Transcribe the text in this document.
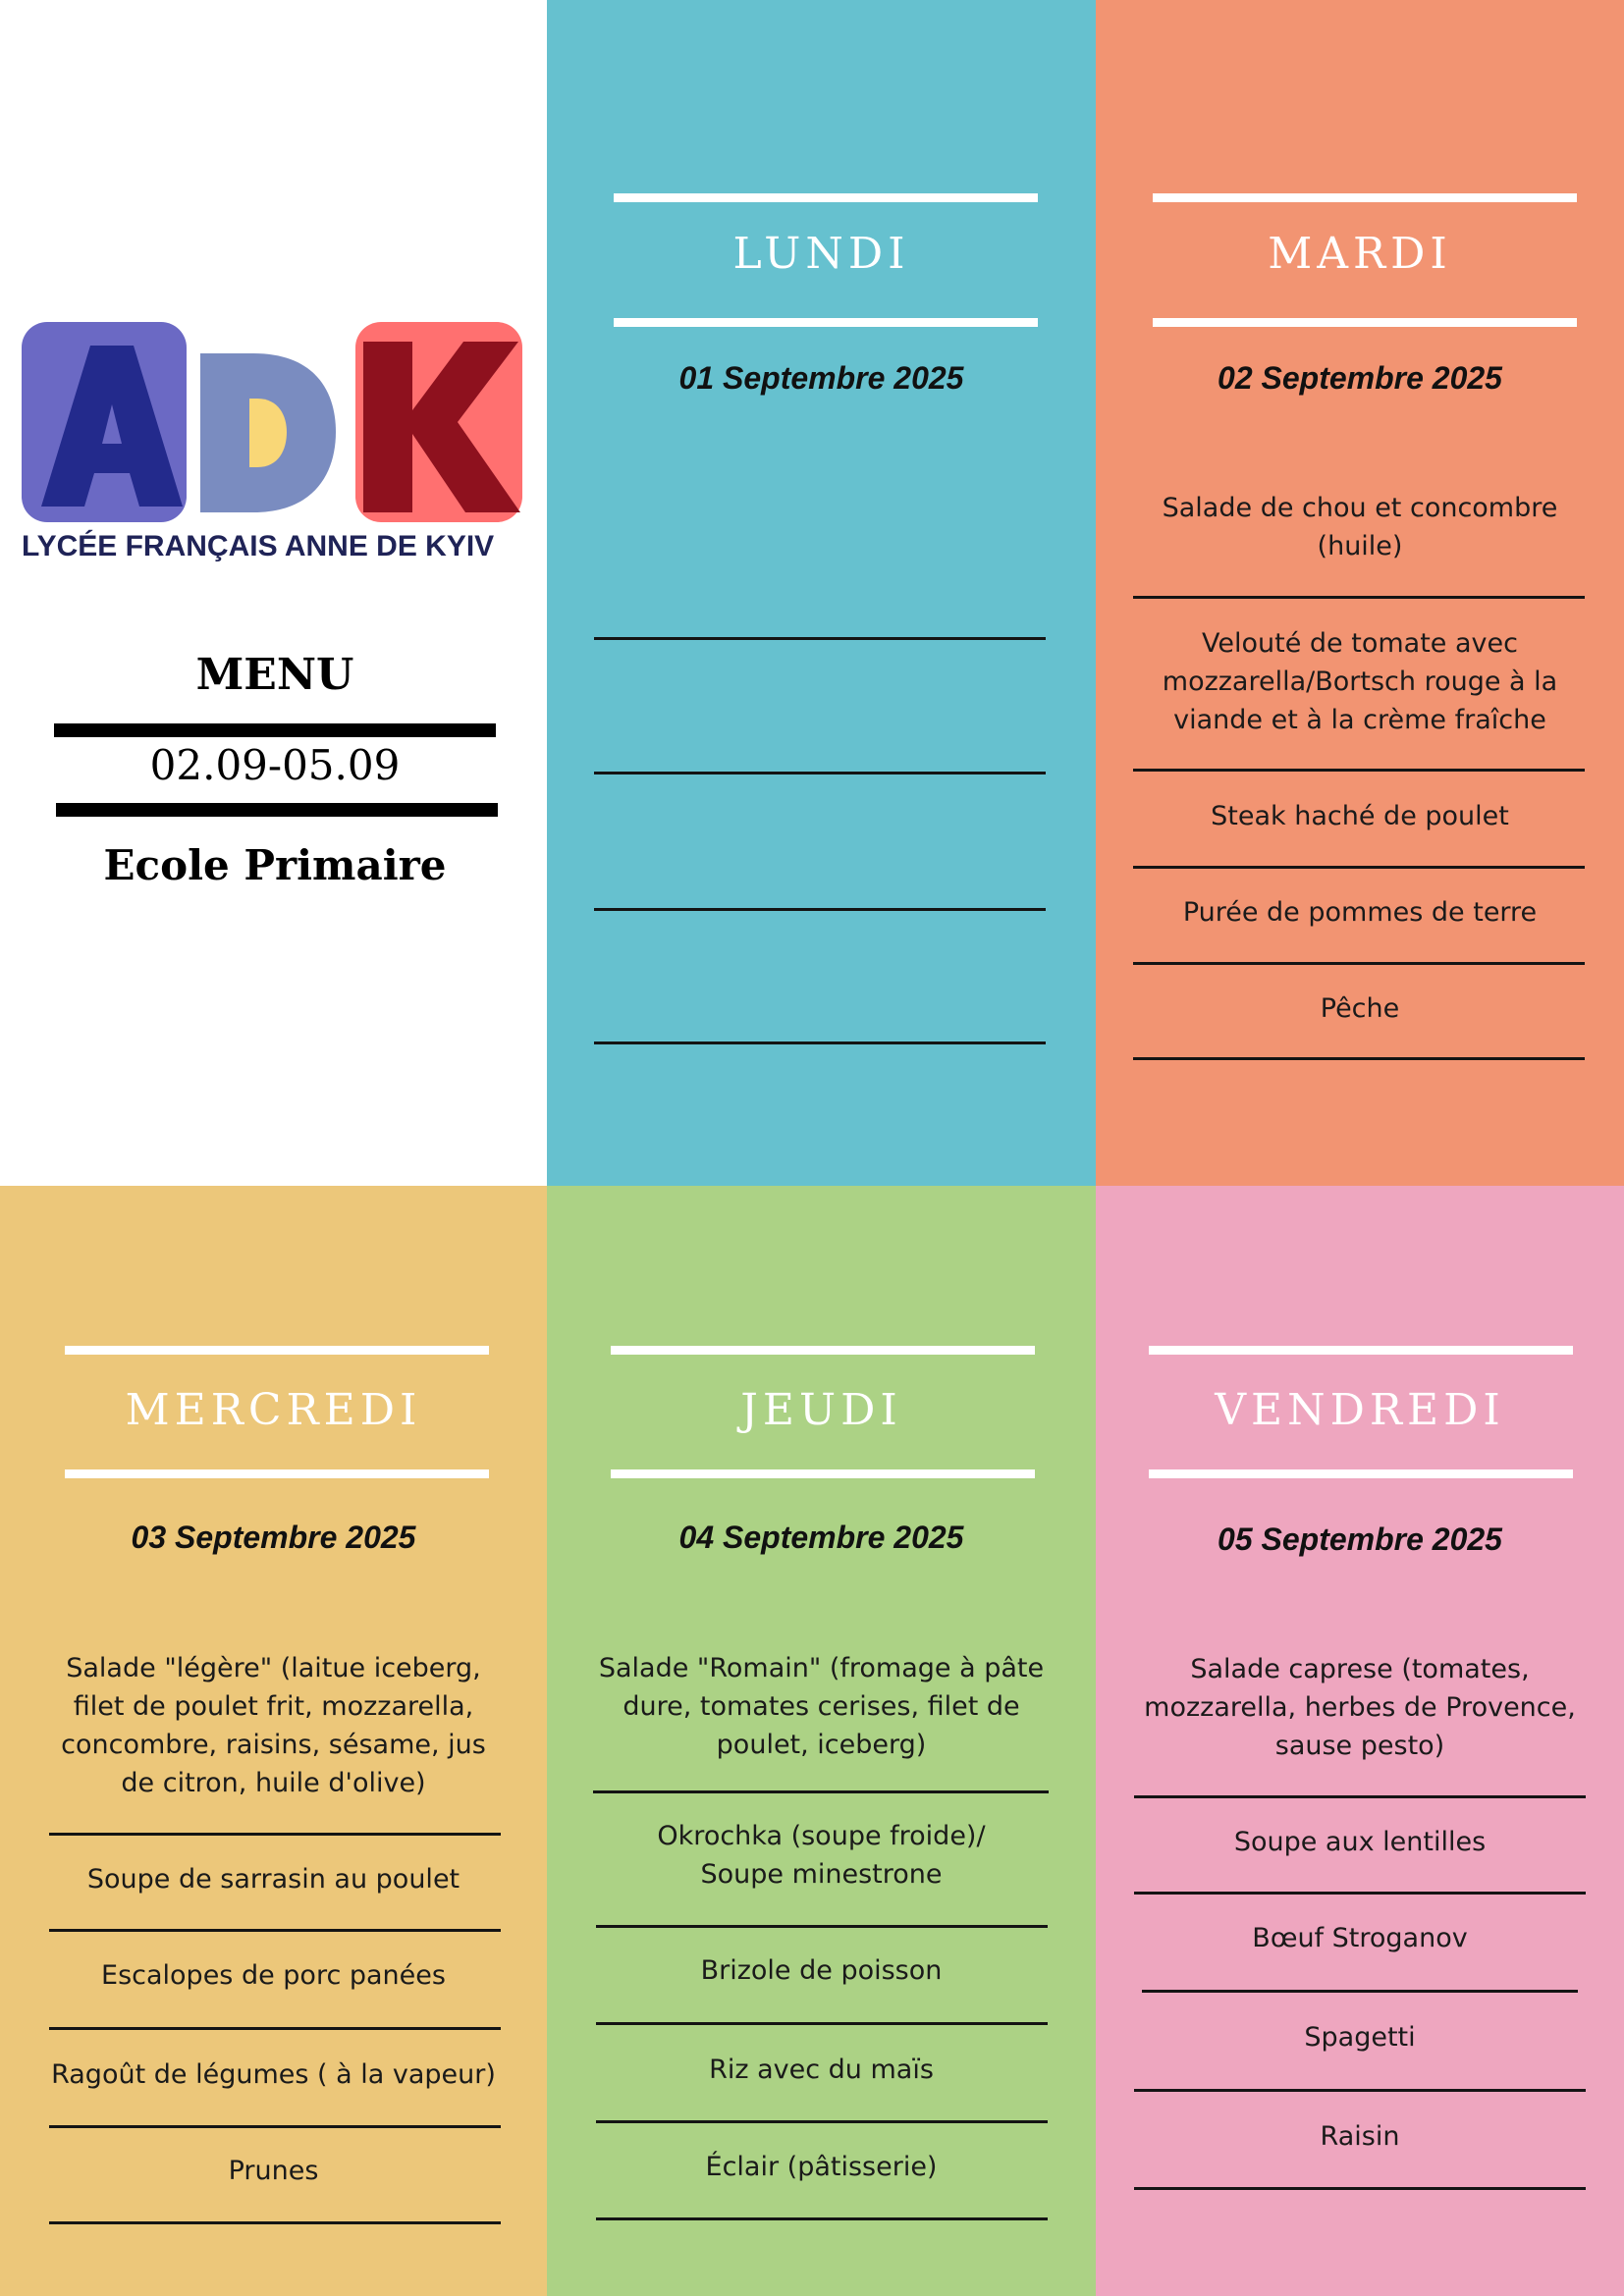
LYCÉE FRANÇAIS ANNE DE KYIV
MENU
02.09-05.09
Ecole Primaire
LUNDI
01 Septembre 2025
MARDI
02 Septembre 2025
Salade de chou et concombre (huile)
Velouté de tomate avec mozzarella/Bortsch rouge à la viande et à la crème fraîche
Steak haché de poulet
Purée de pommes de terre
Pêche
MERCREDI
03 Septembre 2025
Salade "légère" (laitue iceberg, filet de poulet frit, mozzarella, concombre, raisins, sésame, jus de citron, huile d'olive)
Soupe de sarrasin au poulet
Escalopes de porc panées
Ragoût de légumes ( à la vapeur)
Prunes
JEUDI
04 Septembre 2025
Salade "Romain" (fromage à pâte dure, tomates cerises, filet de poulet, iceberg)
Okrochka (soupe froide)/ Soupe minestrone
Brizole de poisson
Riz avec du maïs
Éclair (pâtisserie)
VENDREDI
05 Septembre 2025
Salade caprese (tomates, mozzarella, herbes de Provence, sause pesto)
Soupe aux lentilles
Bœuf Stroganov
Spagetti
Raisin
